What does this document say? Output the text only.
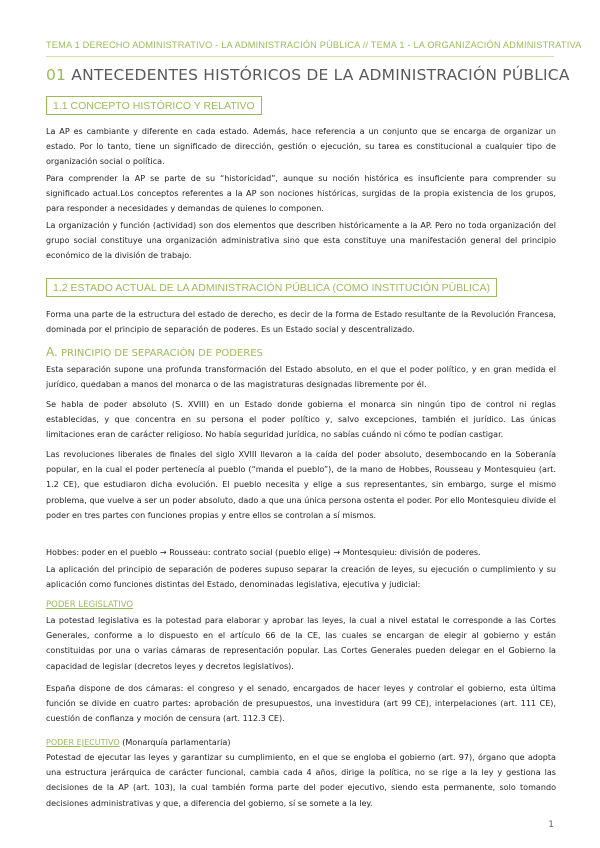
TEMA 1 DERECHO ADMINISTRATIVO - LA ADMINISTRACIÓN PÚBLICA // TEMA 1 - LA ORGANIZACIÓN ADMINISTRATIVA
01 ANTECEDENTES HISTÓRICOS DE LA ADMINISTRACIÓN PÚBLICA
1.1 CONCEPTO HISTÓRICO Y RELATIVO

La AP es cambiante y diferente en cada estado. Además, hace referencia a un conjunto que se encarga de organizar un estado. Por lo tanto, tiene un significado de dirección, gestión o ejecución, su tarea es constitucional a cualquier tipo de organización social o política.

Para comprender la AP se parte de su “historicidad”, aunque su noción histórica es insuficiente para comprender su significado actual.Los conceptos referentes a la AP son nociones históricas, surgidas de la propia existencia de los grupos, para responder a necesidades y demandas de quienes lo componen.

La organización y función (actividad) son dos elementos que describen históricamente a la AP. Pero no toda organización del grupo social constituye una organización administrativa sino que esta constituye una manifestación general del principio económico de la división de trabajo.

1.2 ESTADO ACTUAL DE LA ADMINISTRACIÓN PÚBLICA (COMO INSTITUCIÓN PÚBLICA)

Forma una parte de la estructura del estado de derecho, es decir de la forma de Estado resultante de la Revolución Francesa, dominada por el principio de separación de poderes. Es un Estado social y descentralizado.

A. PRINCIPIO DE SEPARACIÓN DE PODERES

Esta separación supone una profunda transformación del Estado absoluto, en el que el poder político, y en gran medida el jurídico, quedaban a manos del monarca o de las magistraturas designadas libremente por él.

Se habla de poder absoluto (S. XVIII) en un Estado donde gobierna el monarca sin ningún tipo de control ni reglas establecidas, y que concentra en su persona el poder político y, salvo excepciones, también el jurídico. Las únicas limitaciones eran de carácter religioso. No había seguridad jurídica, no sabías cuándo ni cómo te podían castigar.

Las revoluciones liberales de finales del siglo XVIII llevaron a la caída del poder absoluto, desembocando en la Soberanía popular, en la cual el poder pertenecía al pueblo (“manda el pueblo”), de la mano de Hobbes, Rousseau y Montesquieu (art. 1.2 CE), que estudiaron dicha evolución. El pueblo necesita y elige a sus representantes, sin embargo, surge el mismo problema, que vuelve a ser un poder absoluto, dado a que una única persona ostenta el poder. Por ello Montesquieu divide el poder en tres partes con funciones propias y entre ellos se controlan a sí mismos.

Hobbes: poder en el pueblo → Rousseau: contrato social (pueblo elige) → Montesquieu: división de poderes.

La aplicación del principio de separación de poderes supuso separar la creación de leyes, su ejecución o cumplimiento y su aplicación como funciones distintas del Estado, denominadas legislativa, ejecutiva y judicial:

PODER LEGISLATIVO

La potestad legislativa es la potestad para elaborar y aprobar las leyes, la cual a nivel estatal le corresponde a las Cortes Generales, conforme a lo dispuesto en el artículo 66 de la CE, las cuales se encargan de elegir al gobierno y están constituidas por una o varias cámaras de representación popular. Las Cortes Generales pueden delegar en el Gobierno la capacidad de legislar (decretos leyes y decretos legislativos).

España dispone de dos cámaras: el congreso y el senado, encargados de hacer leyes y controlar el gobierno, esta última función se divide en cuatro partes: aprobación de presupuestos, una investidura (art 99 CE), interpelaciones (art. 111 CE), cuestión de confianza y moción de censura (art. 112.3 CE).

PODER EJECUTIVO (Monarquía parlamentaria)

Potestad de ejecutar las leyes y garantizar su cumplimiento, en el que se engloba el gobierno (art. 97), órgano que adopta una estructura jerárquica de carácter funcional, cambia cada 4 años, dirige la política, no se rige a la ley y gestiona las decisiones de la AP (art. 103), la cual también forma parte del poder ejecutivo, siendo esta permanente, solo tomando decisiones administrativas y que, a diferencia del gobierno, sí se somete a la ley.

1
